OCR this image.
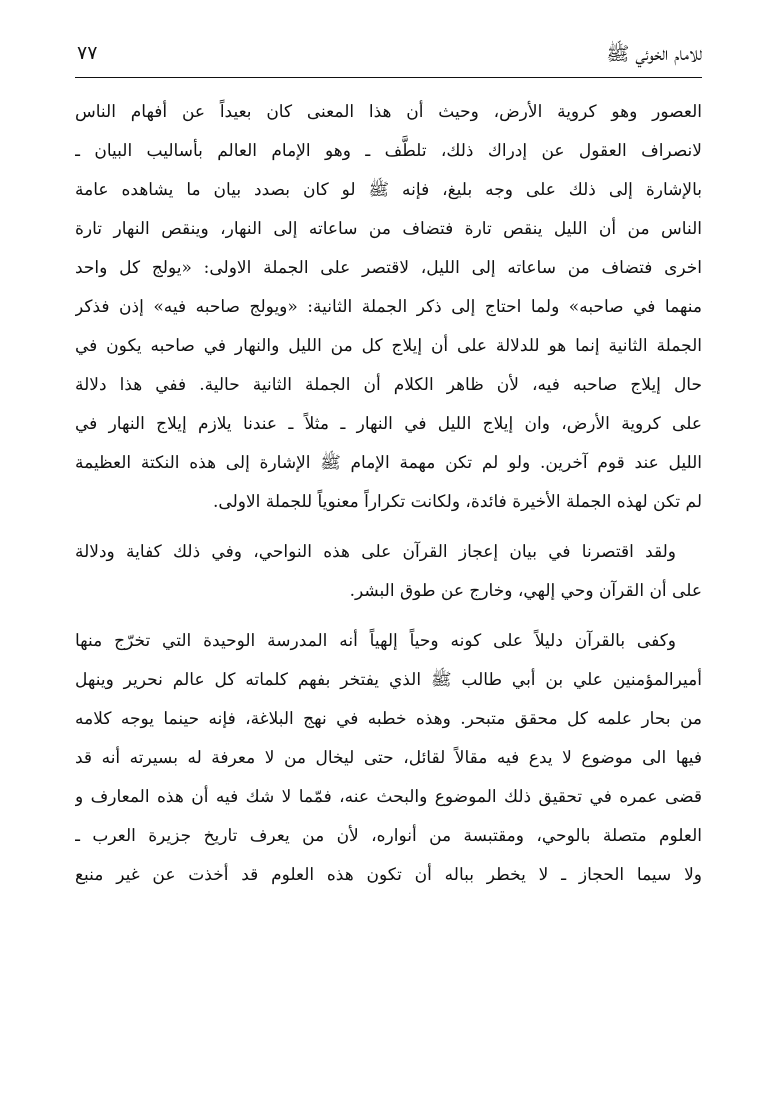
للامام الخوئي ﷺ
٧٧
العصور وهو كروية الأرض، وحيث أن هذا المعنى كان بعيداً عن أفهام الناس
لانصراف العقول عن إدراك ذلك، تلطَّف ـ وهو الإمام العالم بأساليب البيان ـ
بالإشارة إلى ذلك على وجه بليغ، فإنه ﷺ لو كان بصدد بيان ما يشاهده عامة
الناس من أن الليل ينقص تارة فتضاف من ساعاته إلى النهار، وينقص النهار تارة
اخرى فتضاف من ساعاته إلى الليل، لاقتصر على الجملة الاولى: «يولج كل واحد
منهما في صاحبه» ولما احتاج إلى ذكر الجملة الثانية: «ويولج صاحبه فيه» إذن فذكر
الجملة الثانية إنما هو للدلالة على أن إيلاج كل من الليل والنهار في صاحبه يكون في
حال إيلاج صاحبه فيه، لأن ظاهر الكلام أن الجملة الثانية حالية. ففي هذا دلالة
على كروية الأرض، وان إيلاج الليل في النهار ـ مثلاً ـ عندنا يلازم إيلاج النهار في
الليل عند قوم آخرين. ولو لم تكن مهمة الإمام ﷺ الإشارة إلى هذه النكتة العظيمة
لم تكن لهذه الجملة الأخيرة فائدة، ولكانت تكراراً معنوياً للجملة الاولى.
ولقد اقتصرنا في بيان إعجاز القرآن على هذه النواحي، وفي ذلك كفاية ودلالة
على أن القرآن وحي إلهي، وخارج عن طوق البشر.
وكفى بالقرآن دليلاً على كونه وحياً إلهياً أنه المدرسة الوحيدة التي تخرّج منها
أميرالمؤمنين علي بن أبي طالب ﷺ الذي يفتخر بفهم كلماته كل عالم نحرير وينهل
من بحار علمه كل محقق متبحر. وهذه خطبه في نهج البلاغة، فإنه حينما يوجه كلامه
فيها الى موضوع لا يدع فيه مقالاً لقائل، حتى ليخال من لا معرفة له بسيرته أنه قد
قضى عمره في تحقيق ذلك الموضوع والبحث عنه، فمّما لا شك فيه أن هذه المعارف و
العلوم متصلة بالوحي، ومقتبسة من أنواره، لأن من يعرف تاريخ جزيرة العرب ـ
ولا سيما الحجاز ـ لا يخطر بباله أن تكون هذه العلوم قد أخذت عن غير منبع
